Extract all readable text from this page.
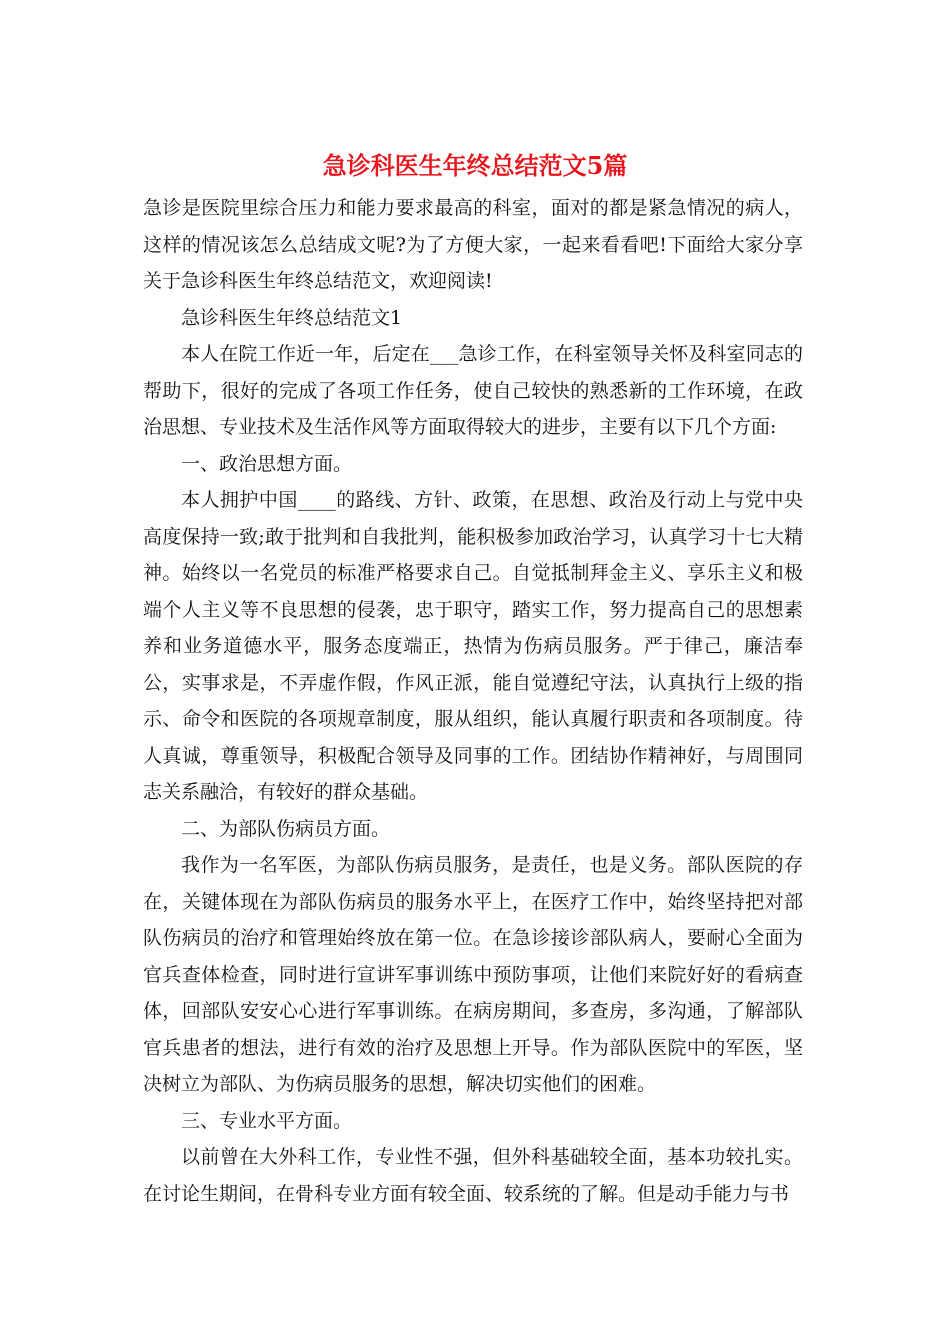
急诊科医生年终总结范文5篇

急诊是医院里综合压力和能力要求最高的科室，面对的都是紧急情况的病人，这样的情况该怎么总结成文呢?为了方便大家，一起来看看吧!下面给大家分享关于急诊科医生年终总结范文，欢迎阅读!

急诊科医生年终总结范文1

本人在院工作近一年，后定在___急诊工作，在科室领导关怀及科室同志的帮助下，很好的完成了各项工作任务，使自己较快的熟悉新的工作环境，在政治思想、专业技术及生活作风等方面取得较大的进步，主要有以下几个方面:

一、政治思想方面。

本人拥护中国____的路线、方针、政策，在思想、政治及行动上与党中央高度保持一致;敢于批判和自我批判，能积极参加政治学习，认真学习十七大精神。始终以一名党员的标准严格要求自己。自觉抵制拜金主义、享乐主义和极端个人主义等不良思想的侵袭，忠于职守，踏实工作，努力提高自己的思想素养和业务道德水平，服务态度端正，热情为伤病员服务。严于律己，廉洁奉公，实事求是，不弄虚作假，作风正派，能自觉遵纪守法，认真执行上级的指示、命令和医院的各项规章制度，服从组织，能认真履行职责和各项制度。待人真诚，尊重领导，积极配合领导及同事的工作。团结协作精神好，与周围同志关系融洽，有较好的群众基础。

二、为部队伤病员方面。

我作为一名军医，为部队伤病员服务，是责任，也是义务。部队医院的存在，关键体现在为部队伤病员的服务水平上，在医疗工作中，始终坚持把对部队伤病员的治疗和管理始终放在第一位。在急诊接诊部队病人，要耐心全面为官兵查体检查，同时进行宣讲军事训练中预防事项，让他们来院好好的看病查体，回部队安安心心进行军事训练。在病房期间，多查房，多沟通，了解部队官兵患者的想法，进行有效的治疗及思想上开导。作为部队医院中的军医，坚决树立为部队、为伤病员服务的思想，解决切实他们的困难。

三、专业水平方面。

以前曾在大外科工作，专业性不强，但外科基础较全面，基本功较扎实。在讨论生期间，在骨科专业方面有较全面、较系统的了解。但是动手能力与书
